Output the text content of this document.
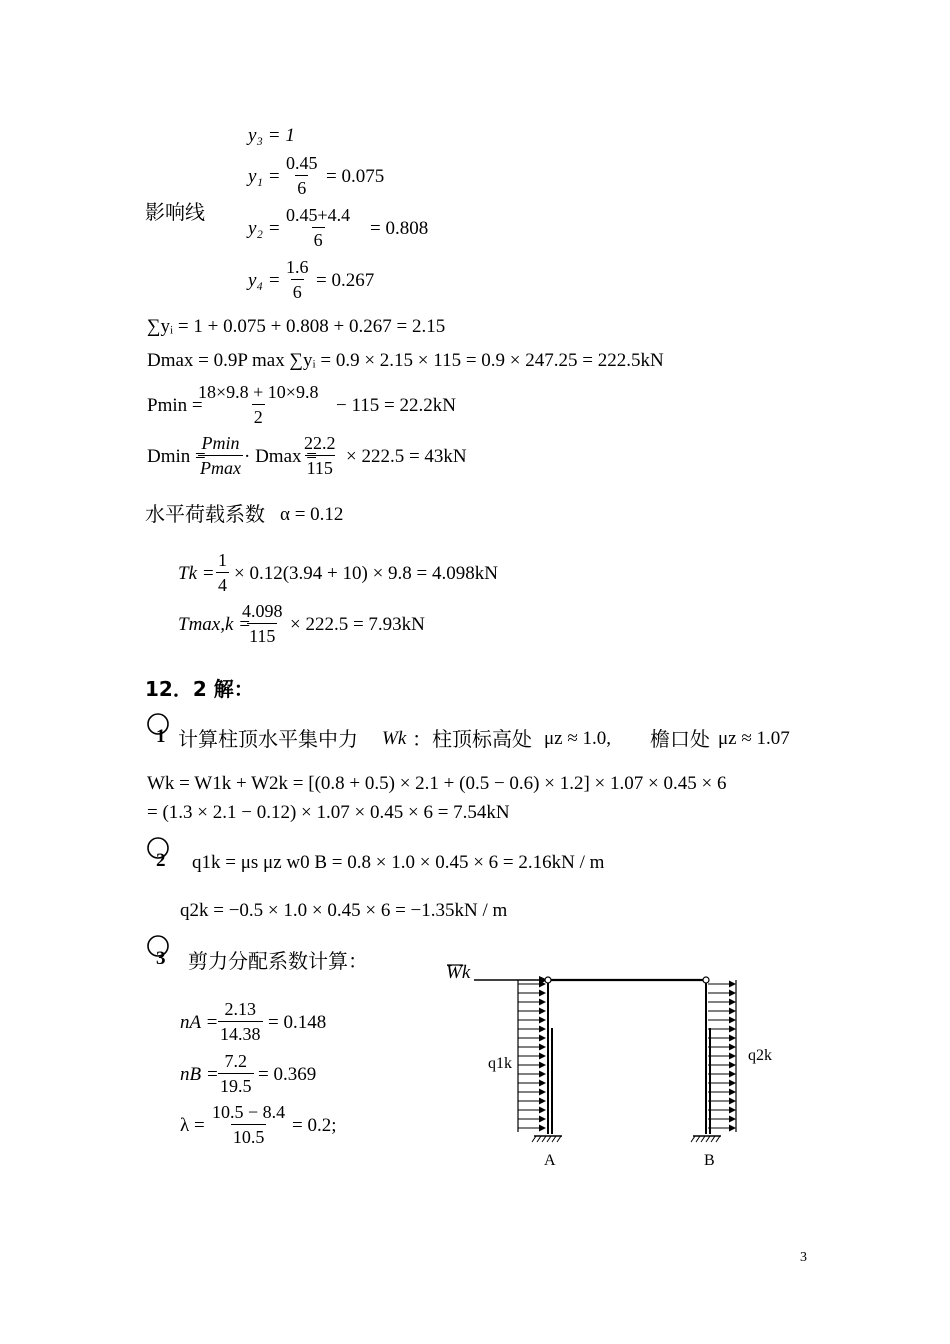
影响线
y₃ = 1
$y_1 = \frac{0.45}{6} = 0.075$
$y_2 = \frac{0.45+4.4}{6} = 0.808$
$y_4 = \frac{1.6}{6} = 0.267$
∑yᵢ = 1 + 0.075 + 0.808 + 0.267 = 2.15
Dmax = 0.9P max ∑yᵢ = 0.9 × 2.15 × 115 = 0.9 × 247.25 = 222.5kN
Pmin =
$\frac{18\times 9.8 + 10\times 9.8}{2} - 115 = 22.2kN$
Dmin =
Pmin
Pmax
· Dmax =
$\frac{22.2}{115} \times 222.5 = 43kN$
水平荷载系数 α = 0.12
$Tk = \frac{1}{4} \times 0.12(3.94 + 10) \times 9.8 = 4.098kN$
Tmax,k =
$\frac{4.098}{115} \times 222.5 = 7.93kN$
12．2 解：
1 计算柱顶水平集中力 Wk ：柱顶标高处 μz ≈ 1.0, 檐口处 μz ≈ 1.07
Wk = W1k + W2k = [(0.8 + 0.5) × 2.1 + (0.5 − 0.6) × 1.2] × 1.07 × 0.45 × 6
= (1.3 × 2.1 − 0.12) × 1.07 × 0.45 × 6 = 7.54kN
2 q1k = μs μz w0 B = 0.8 × 1.0 × 0.45 × 6 = 2.16kN / m
q2k = −0.5 × 1.0 × 0.45 × 6 = −1.35kN / m
3 剪力分配系数计算：
nA = $\frac{2.13}{14.38} = 0.148$
nB = $\frac{7.2}{19.5} = 0.369$
$\lambda = \frac{10.5 - 8.4}{10.5} = 0.2$;
Wk
q1k	q2k
A	B
3
